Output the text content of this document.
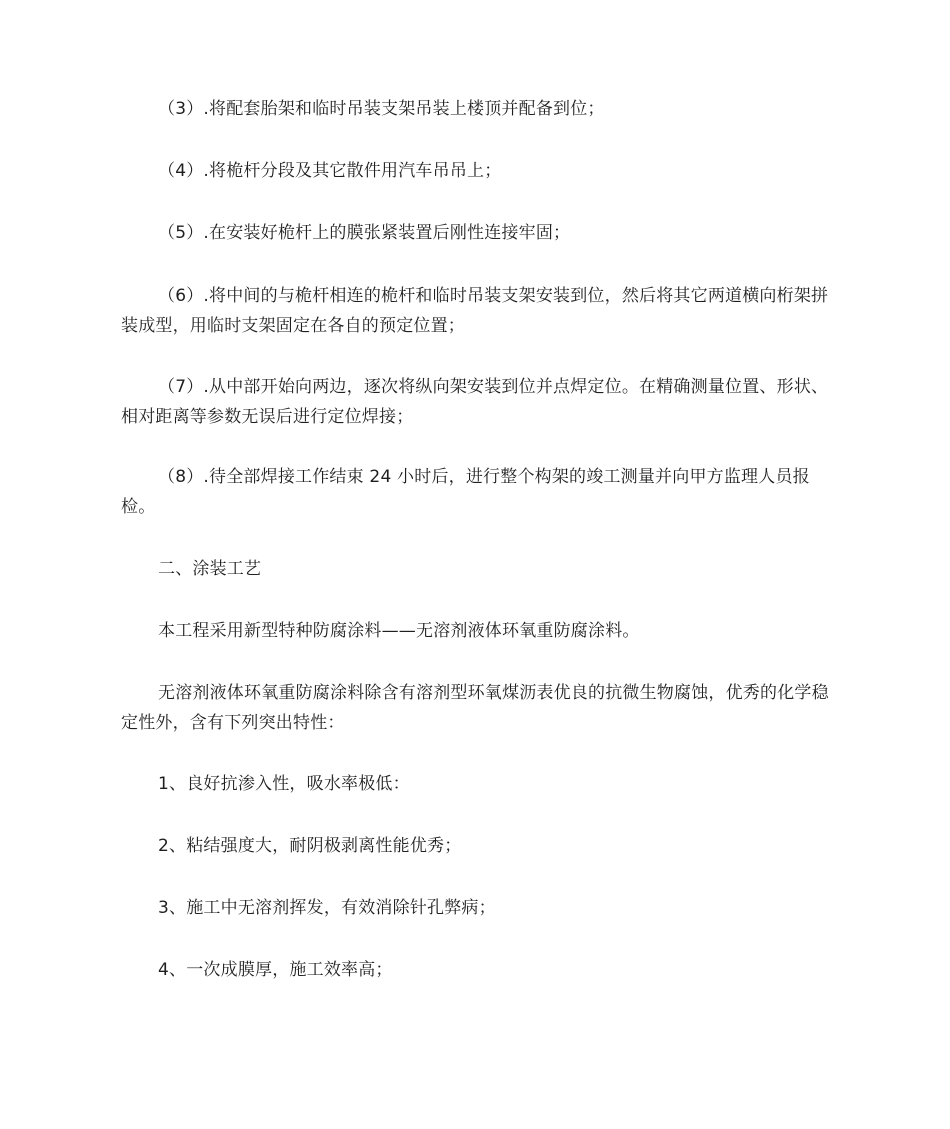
（3）.将配套胎架和临时吊装支架吊装上楼顶并配备到位；

（4）.将桅杆分段及其它散件用汽车吊吊上；

（5）.在安装好桅杆上的膜张紧装置后刚性连接牢固；

（6）.将中间的与桅杆相连的桅杆和临时吊装支架安装到位，然后将其它两道横向桁架拼装成型，用临时支架固定在各自的预定位置；

（7）.从中部开始向两边，逐次将纵向架安装到位并点焊定位。在精确测量位置、形状、相对距离等参数无误后进行定位焊接；

（8）.待全部焊接工作结束 24 小时后，进行整个构架的竣工测量并向甲方监理人员报检。

二、涂装工艺

本工程采用新型特种防腐涂料——无溶剂液体环氧重防腐涂料。

无溶剂液体环氧重防腐涂料除含有溶剂型环氧煤沥表优良的抗微生物腐蚀，优秀的化学稳定性外，含有下列突出特性：

1、良好抗渗入性，吸水率极低：

2、粘结强度大，耐阴极剥离性能优秀；

3、施工中无溶剂挥发，有效消除针孔弊病；

4、一次成膜厚，施工效率高；
